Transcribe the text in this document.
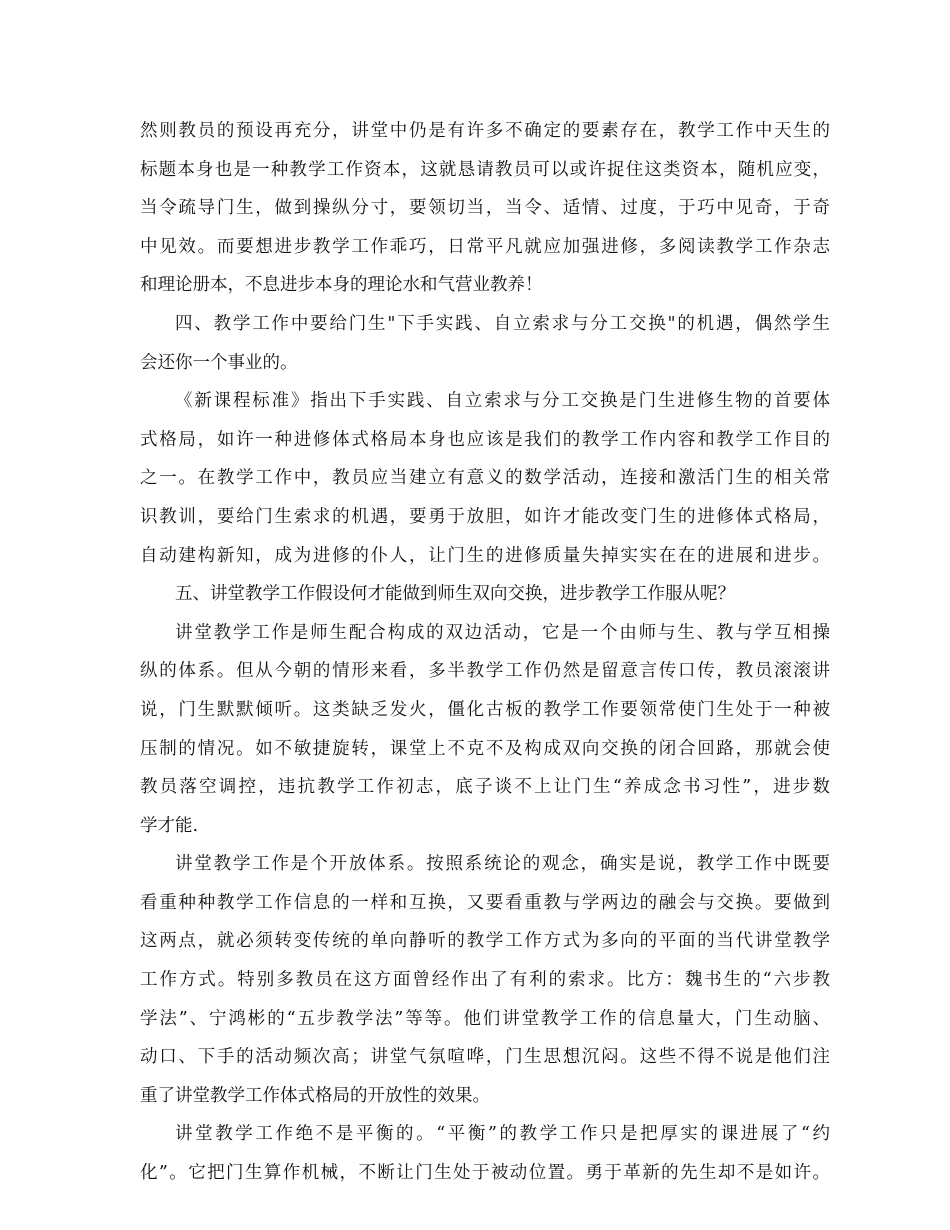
然则教员的预设再充分，讲堂中仍是有许多不确定的要素存在，教学工作中天生的
标题本身也是一种教学工作资本，这就恳请教员可以或许捉住这类资本，随机应变，
当令疏导门生，做到操纵分寸，要领切当，当令、适情、过度，于巧中见奇，于奇
中见效。而要想进步教学工作乖巧，日常平凡就应加强进修，多阅读教学工作杂志
和理论册本，不息进步本身的理论水和气营业教养！
四、教学工作中要给门生"下手实践、自立索求与分工交换"的机遇，偶然学生
会还你一个事业的。
《新课程标准》指出下手实践、自立索求与分工交换是门生进修生物的首要体
式格局，如许一种进修体式格局本身也应该是我们的教学工作内容和教学工作目的
之一。在教学工作中，教员应当建立有意义的数学活动，连接和激活门生的相关常
识教训，要给门生索求的机遇，要勇于放胆，如许才能改变门生的进修体式格局，
自动建构新知，成为进修的仆人，让门生的进修质量失掉实实在在的进展和进步。
五、讲堂教学工作假设何才能做到师生双向交换，进步教学工作服从呢？
讲堂教学工作是师生配合构成的双边活动，它是一个由师与生、教与学互相操
纵的体系。但从今朝的情形来看，多半教学工作仍然是留意言传口传，教员滚滚讲
说，门生默默倾听。这类缺乏发火，僵化古板的教学工作要领常使门生处于一种被
压制的情况。如不敏捷旋转，课堂上不克不及构成双向交换的闭合回路，那就会使
教员落空调控，违抗教学工作初志，底子谈不上让门生“养成念书习性”，进步数
学才能.
讲堂教学工作是个开放体系。按照系统论的观念，确实是说，教学工作中既要
看重种种教学工作信息的一样和互换，又要看重教与学两边的融会与交换。要做到
这两点，就必须转变传统的单向静听的教学工作方式为多向的平面的当代讲堂教学
工作方式。特别多教员在这方面曾经作出了有利的索求。比方：魏书生的“六步教
学法”、宁鸿彬的“五步教学法”等等。他们讲堂教学工作的信息量大，门生动脑、
动口、下手的活动频次高；讲堂气氛喧哗，门生思想沉闷。这些不得不说是他们注
重了讲堂教学工作体式格局的开放性的效果。
讲堂教学工作绝不是平衡的。“平衡”的教学工作只是把厚实的课进展了“约
化”。它把门生算作机械，不断让门生处于被动位置。勇于革新的先生却不是如许。
